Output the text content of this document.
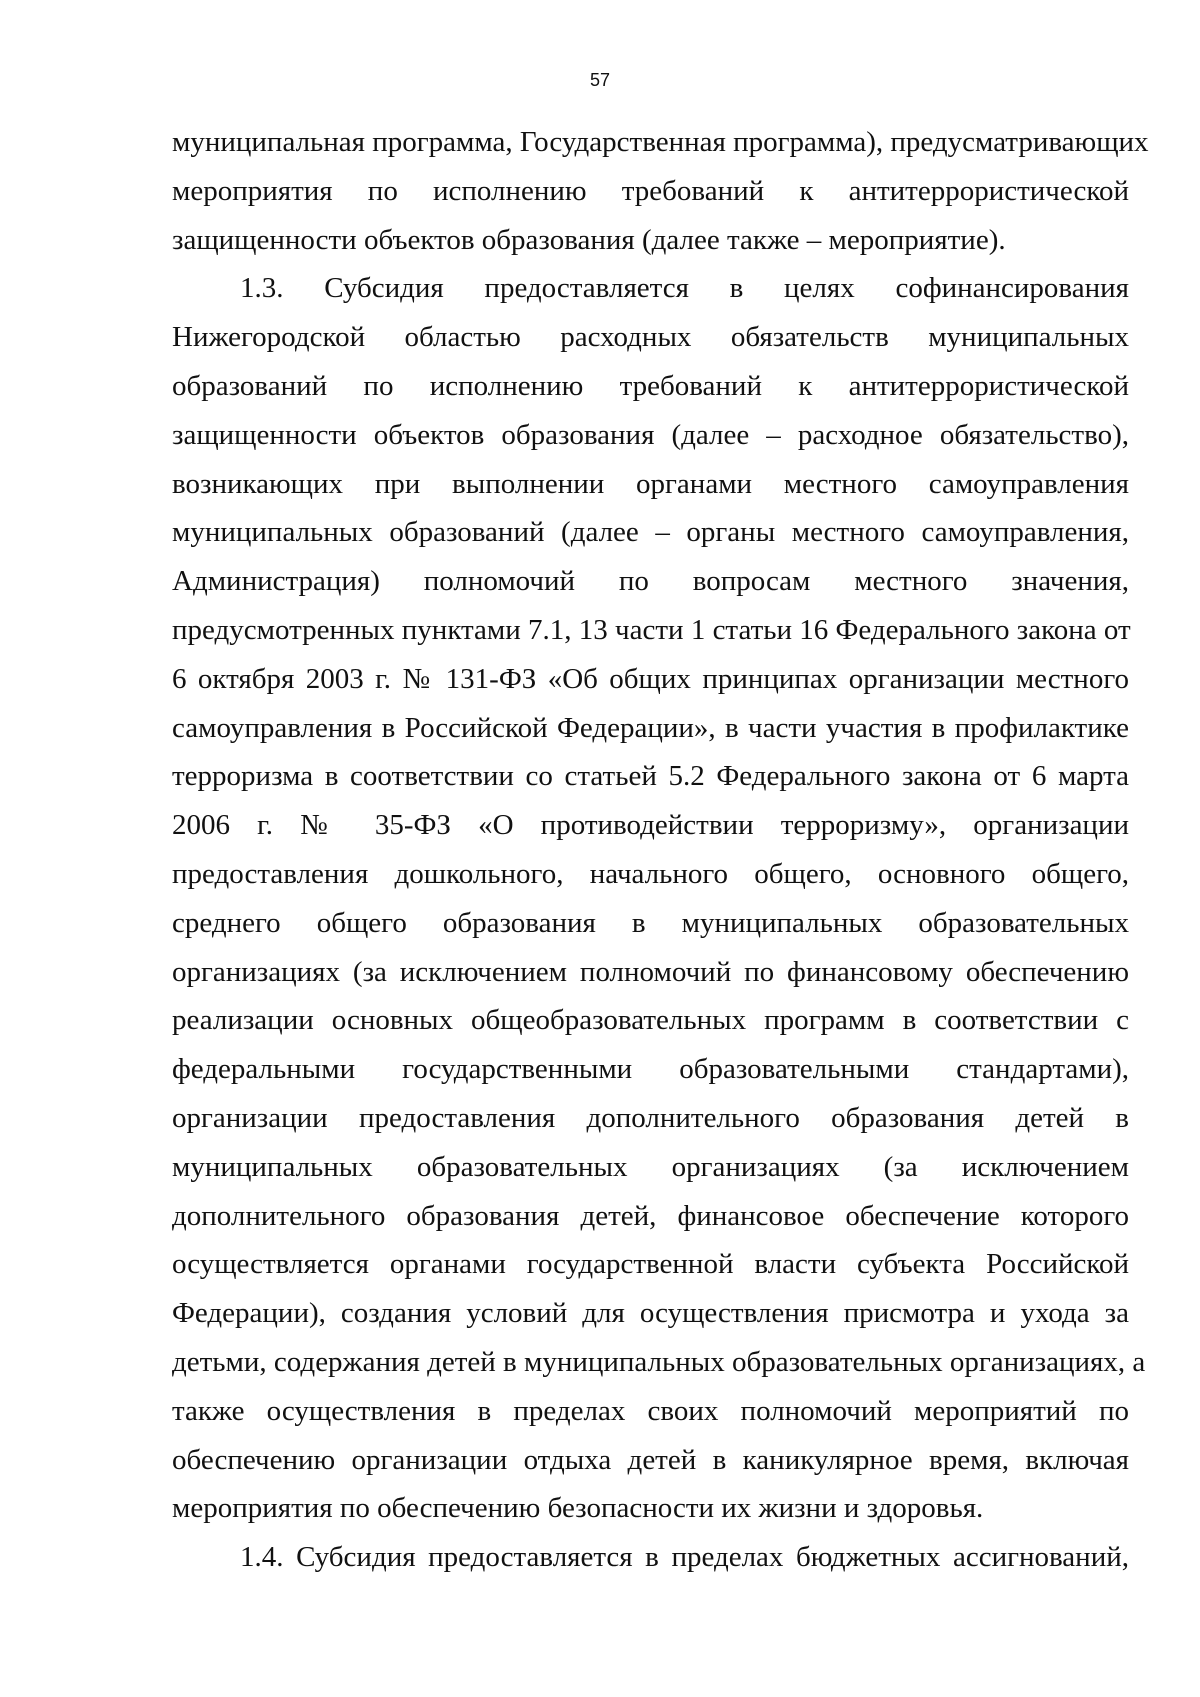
57
муниципальная программа, Государственная программа), предусматривающих
мероприятия по исполнению требований к антитеррористической
защищенности объектов образования (далее также – мероприятие).
1.3. Субсидия предоставляется в целях софинансирования
Нижегородской областью расходных обязательств муниципальных
образований по исполнению требований к антитеррористической
защищенности объектов образования (далее – расходное обязательство),
возникающих при выполнении органами местного самоуправления
муниципальных образований (далее – органы местного самоуправления,
Администрация) полномочий по вопросам местного значения,
предусмотренных пунктами 7.1, 13 части 1 статьи 16 Федерального закона от
6 октября 2003 г. № 131-ФЗ «Об общих принципах организации местного
самоуправления в Российской Федерации», в части участия в профилактике
терроризма в соответствии со статьей 5.2 Федерального закона от 6 марта
2006 г. № 35-ФЗ «О противодействии терроризму», организации
предоставления дошкольного, начального общего, основного общего,
среднего общего образования в муниципальных образовательных
организациях (за исключением полномочий по финансовому обеспечению
реализации основных общеобразовательных программ в соответствии с
федеральными государственными образовательными стандартами),
организации предоставления дополнительного образования детей в
муниципальных образовательных организациях (за исключением
дополнительного образования детей, финансовое обеспечение которого
осуществляется органами государственной власти субъекта Российской
Федерации), создания условий для осуществления присмотра и ухода за
детьми, содержания детей в муниципальных образовательных организациях, а
также осуществления в пределах своих полномочий мероприятий по
обеспечению организации отдыха детей в каникулярное время, включая
мероприятия по обеспечению безопасности их жизни и здоровья.
1.4. Субсидия предоставляется в пределах бюджетных ассигнований,
